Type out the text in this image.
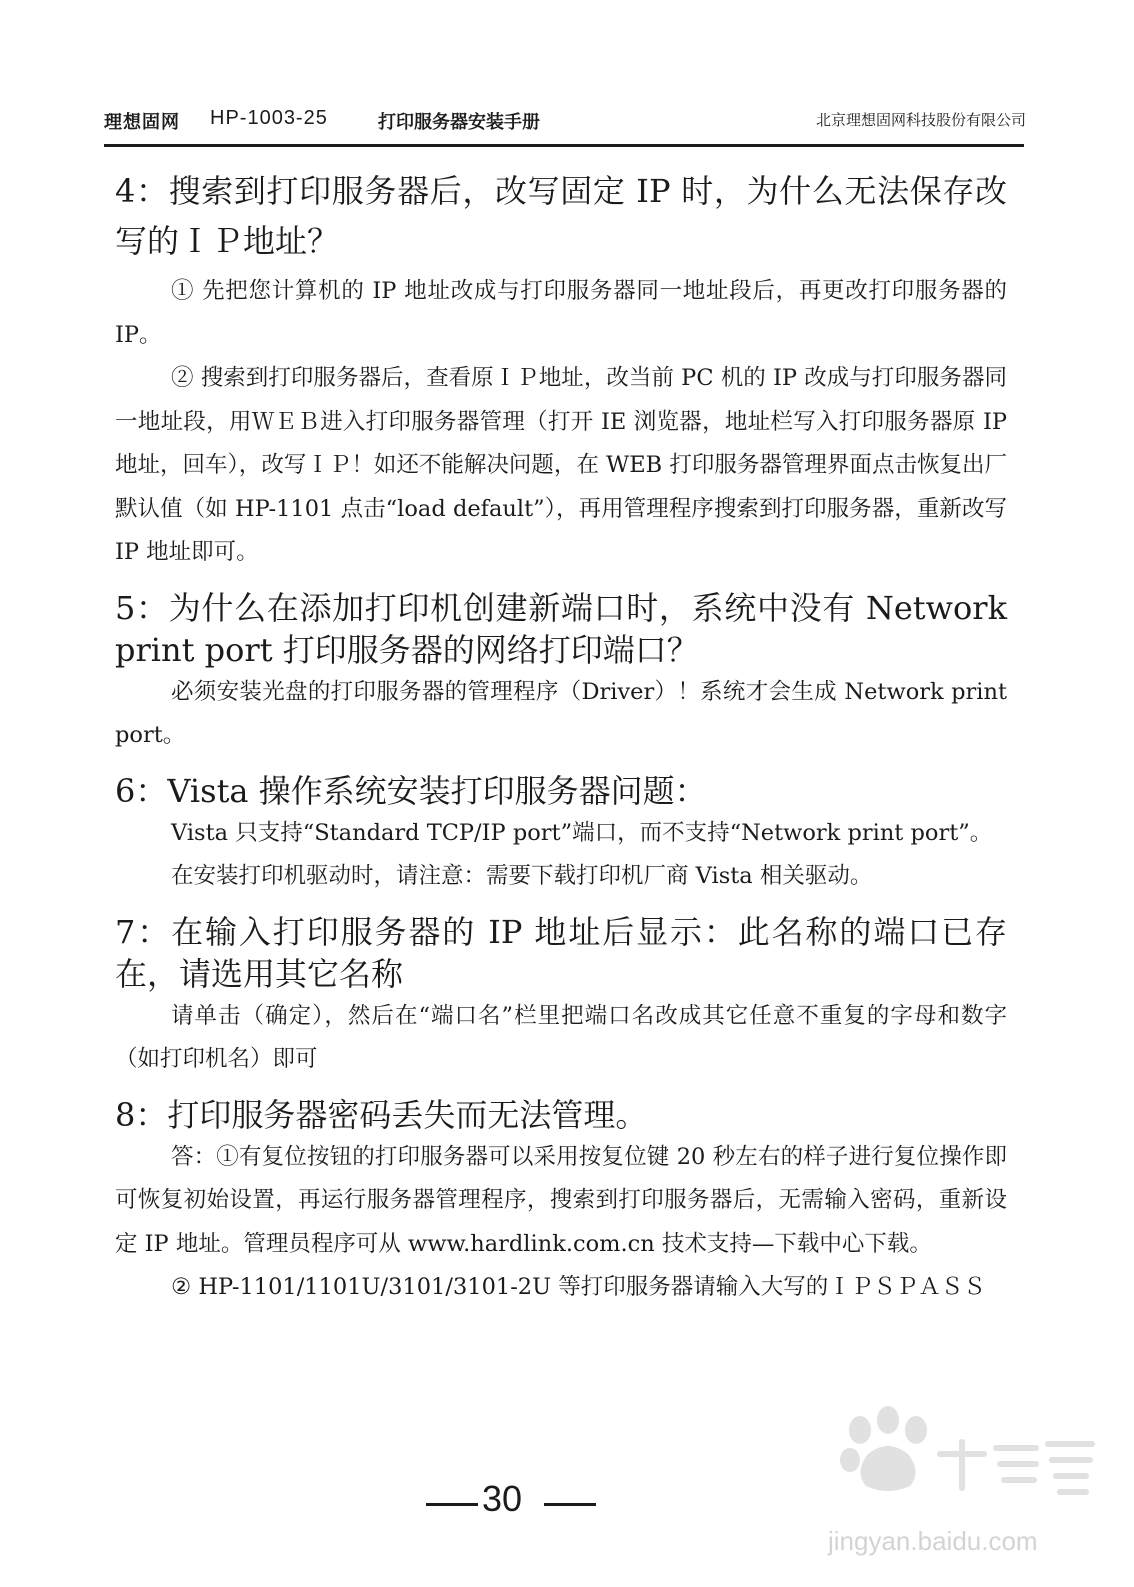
理想固网 HP-1003-25	打印服务器安装手册	北京理想固网科技股份有限公司

4：搜索到打印服务器后，改写固定 IP 时，为什么无法保存改写的ＩＰ地址？

① 先把您计算机的 IP 地址改成与打印服务器同一地址段后，再更改打印服务器的 IP。

② 搜索到打印服务器后，查看原ＩＰ地址，改当前 PC 机的 IP 改成与打印服务器同一地址段，用ＷＥＢ进入打印服务器管理（打开 IE 浏览器，地址栏写入打印服务器原 IP 地址，回车），改写ＩＰ！如还不能解决问题，在 WEB 打印服务器管理界面点击恢复出厂默认值（如 HP-1101 点击“load default”），再用管理程序搜索到打印服务器，重新改写 IP 地址即可。

5：为什么在添加打印机创建新端口时，系统中没有 Network print port 打印服务器的网络打印端口？

必须安装光盘的打印服务器的管理程序（Driver）！系统才会生成 Network print port。

6：Vista 操作系统安装打印服务器问题：

Vista 只支持“Standard TCP/IP port”端口，而不支持“Network print port”。

在安装打印机驱动时，请注意：需要下载打印机厂商 Vista 相关驱动。

7：在输入打印服务器的 IP 地址后显示：此名称的端口已存在，请选用其它名称

请单击（确定），然后在“端口名”栏里把端口名改成其它任意不重复的字母和数字（如打印机名）即可

8：打印服务器密码丢失而无法管理。

答：①有复位按钮的打印服务器可以采用按复位键 20 秒左右的样子进行复位操作即可恢复初始设置，再运行服务器管理程序，搜索到打印服务器后，无需输入密码，重新设定 IP 地址。管理员程序可从 www.hardlink.com.cn 技术支持—下载中心下载。

② HP-1101/1101U/3101/3101-2U 等打印服务器请输入大写的ＩＰＳＰＡＳＳ

30
jingyan.baidu.com
